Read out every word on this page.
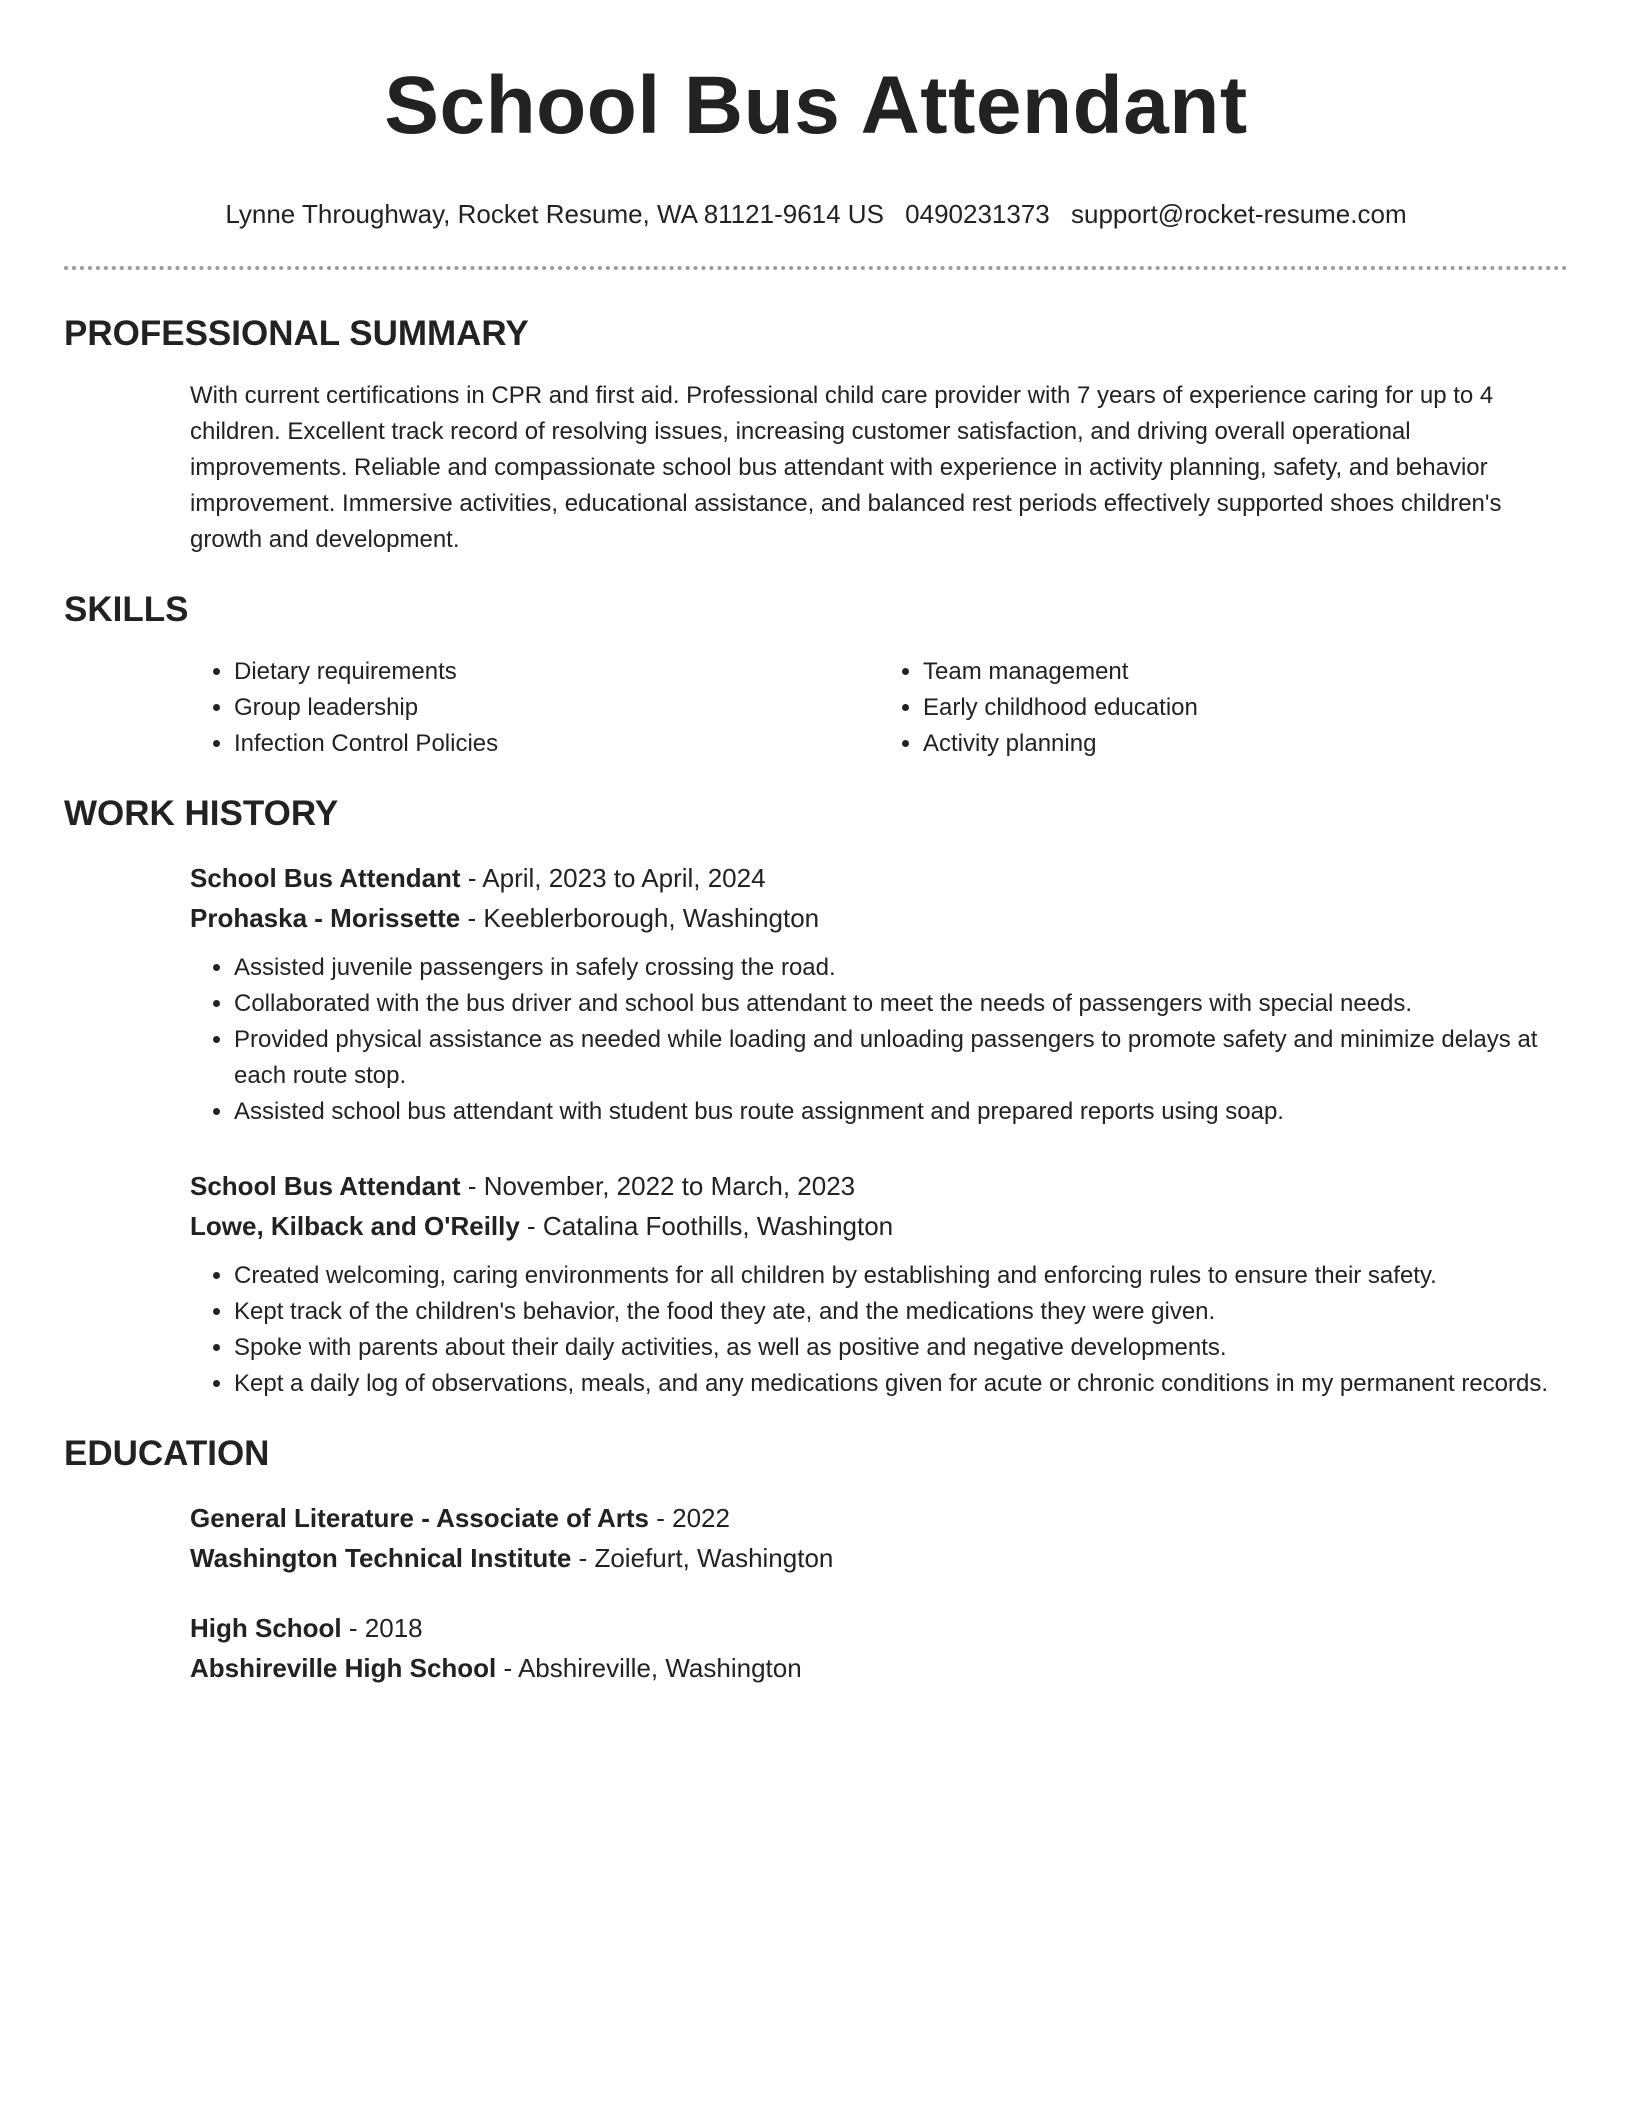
School Bus Attendant
Lynne Throughway, Rocket Resume, WA 81121-9614 US 0490231373 support@rocket-resume.com
PROFESSIONAL SUMMARY

With current certifications in CPR and first aid. Professional child care provider with 7 years of experience caring for up to 4 children. Excellent track record of resolving issues, increasing customer satisfaction, and driving overall operational improvements. Reliable and compassionate school bus attendant with experience in activity planning, safety, and behavior improvement. Immersive activities, educational assistance, and balanced rest periods effectively supported shoes children's growth and development.

SKILLS
• Dietary requirements
• Group leadership
• Infection Control Policies
• Team management
• Early childhood education
• Activity planning
WORK HISTORY
School Bus Attendant - April, 2023 to April, 2024
Prohaska - Morissette - Keeblerborough, Washington
• Assisted juvenile passengers in safely crossing the road.
• Collaborated with the bus driver and school bus attendant to meet the needs of passengers with special needs.
• Provided physical assistance as needed while loading and unloading passengers to promote safety and minimize delays at each route stop.
• Assisted school bus attendant with student bus route assignment and prepared reports using soap.
School Bus Attendant - November, 2022 to March, 2023
Lowe, Kilback and O'Reilly - Catalina Foothills, Washington
• Created welcoming, caring environments for all children by establishing and enforcing rules to ensure their safety.
• Kept track of the children's behavior, the food they ate, and the medications they were given.
• Spoke with parents about their daily activities, as well as positive and negative developments.
• Kept a daily log of observations, meals, and any medications given for acute or chronic conditions in my permanent records.
EDUCATION
General Literature - Associate of Arts - 2022
Washington Technical Institute - Zoiefurt, Washington
High School - 2018
Abshireville High School - Abshireville, Washington
